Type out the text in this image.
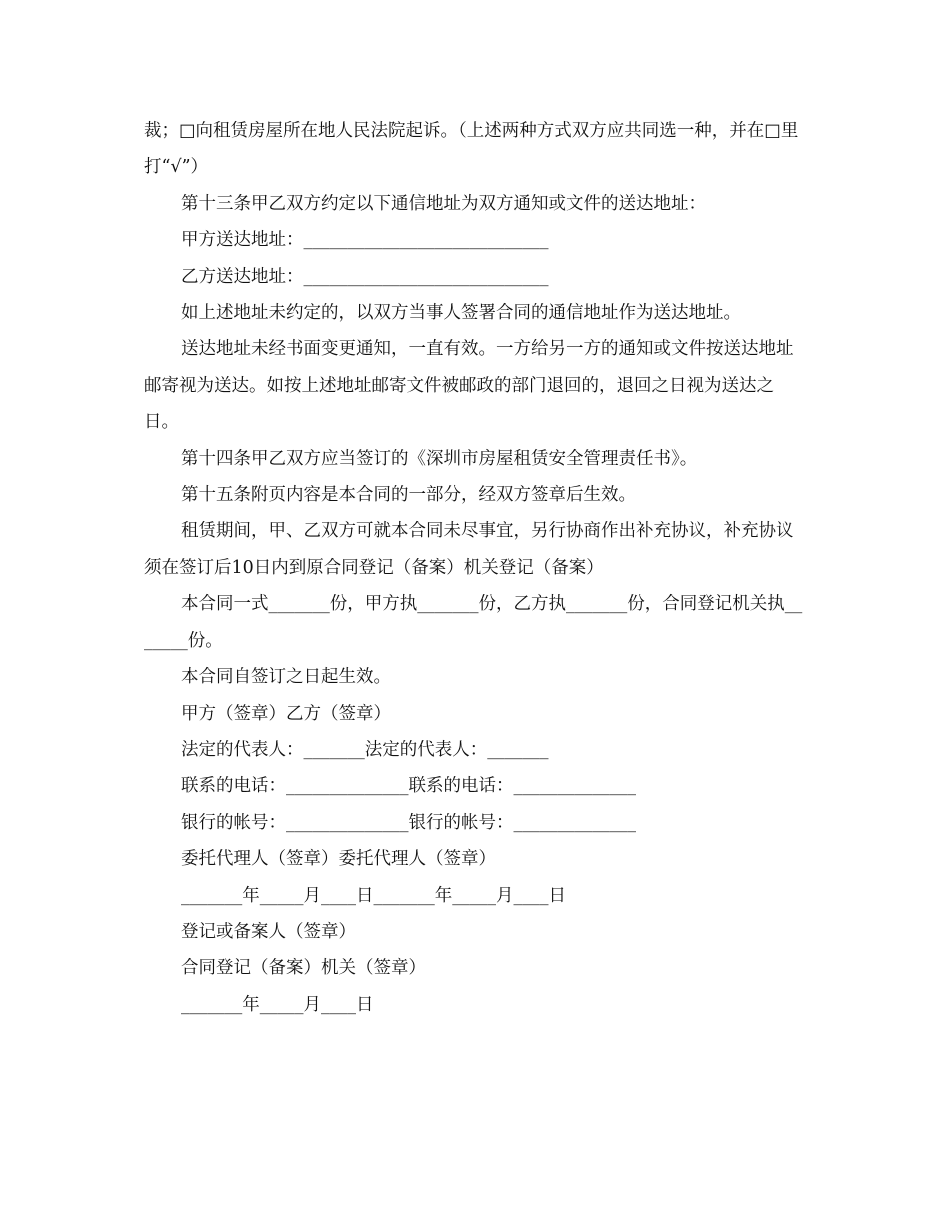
裁；□向租赁房屋所在地人民法院起诉。（上述两种方式双方应共同选一种，并在□里打“√”）

第十三条甲乙双方约定以下通信地址为双方通知或文件的送达地址：

甲方送达地址：____________________________

乙方送达地址：____________________________

如上述地址未约定的，以双方当事人签署合同的通信地址作为送达地址。

送达地址未经书面变更通知，一直有效。一方给另一方的通知或文件按送达地址邮寄视为送达。如按上述地址邮寄文件被邮政的部门退回的，退回之日视为送达之日。

第十四条甲乙双方应当签订的《深圳市房屋租赁安全管理责任书》。

第十五条附页内容是本合同的一部分，经双方签章后生效。

租赁期间，甲、乙双方可就本合同未尽事宜，另行协商作出补充协议，补充协议须在签订后10日内到原合同登记（备案）机关登记（备案）

本合同一式_______份，甲方执_______份，乙方执_______份，合同登记机关执_______份。

本合同自签订之日起生效。

甲方（签章）乙方（签章）

法定的代表人：_______法定的代表人：_______

联系的电话：______________联系的电话：______________

银行的帐号：______________银行的帐号：______________

委托代理人（签章）委托代理人（签章）

_______年_____月____日_______年_____月____日

登记或备案人（签章）

合同登记（备案）机关（签章）

_______年_____月____日
